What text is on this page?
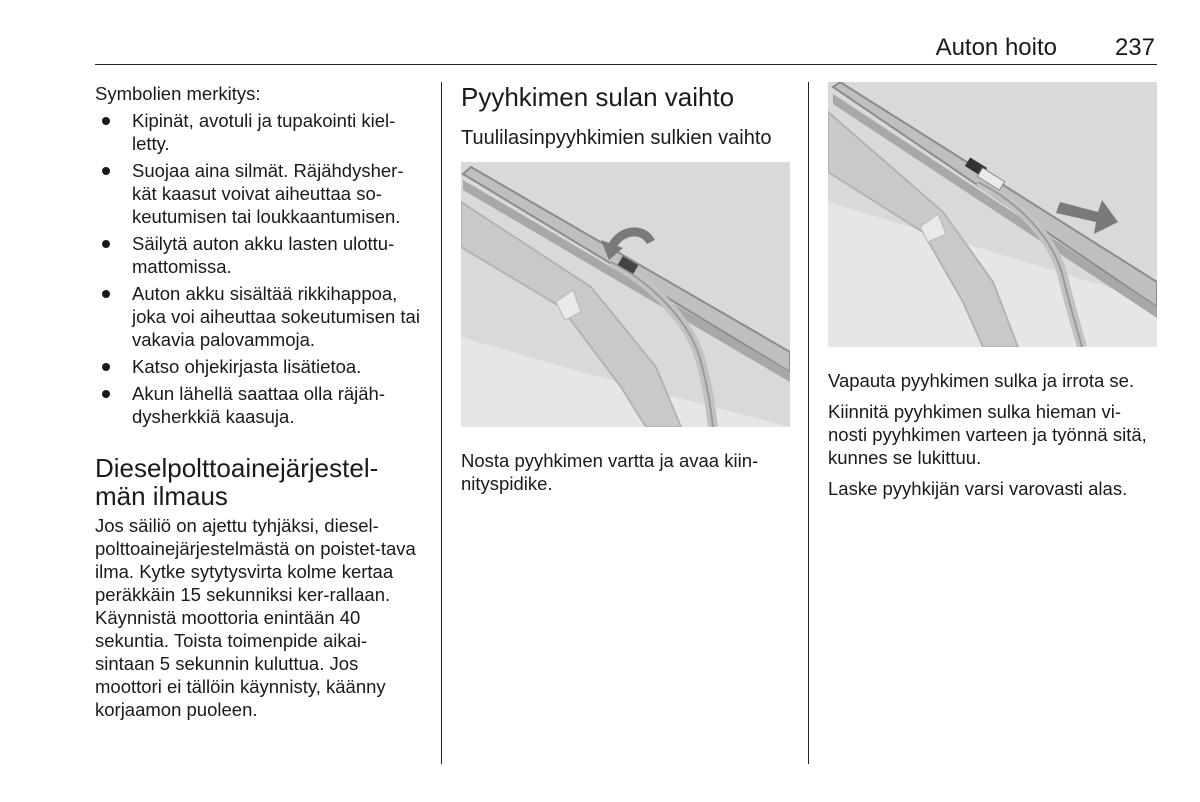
Auton hoito 237

Symbolien merkitys:

Kipinät, avotuli ja tupakointi kiel-letty.

Suojaa aina silmät. Räjähdysher-kät kaasut voivat aiheuttaa so-keutumisen tai loukkaantumisen.

Säilytä auton akku lasten ulottu-mattomissa.

Auton akku sisältää rikkihappoa, joka voi aiheuttaa sokeutumisen tai vakavia palovammoja.

Katso ohjekirjasta lisätietoa.

Akun lähellä saattaa olla räjäh-dysherkkiä kaasuja.

Dieselpolttoainejärjestel-män ilmaus

Jos säiliö on ajettu tyhjäksi, diesel-polttoainejärjestelmästä on poistet-tava ilma. Kytke sytytysvirta kolme kertaa peräkkäin 15 sekunniksi ker-rallaan. Käynnistä moottoria enintään 40 sekuntia. Toista toimenpide aikai-sintaan 5 sekunnin kuluttua. Jos moottori ei tällöin käynnisty, käänny korjaamon puoleen.

Pyyhkimen sulan vaihto
Tuulilasinpyyhkimien sulkien vaihto

Nosta pyyhkimen vartta ja avaa kiin-nityspidike.

Vapauta pyyhkimen sulka ja irrota se.

Kiinnitä pyyhkimen sulka hieman vi-nosti pyyhkimen varteen ja työnnä sitä, kunnes se lukittuu.

Laske pyyhkijän varsi varovasti alas.
